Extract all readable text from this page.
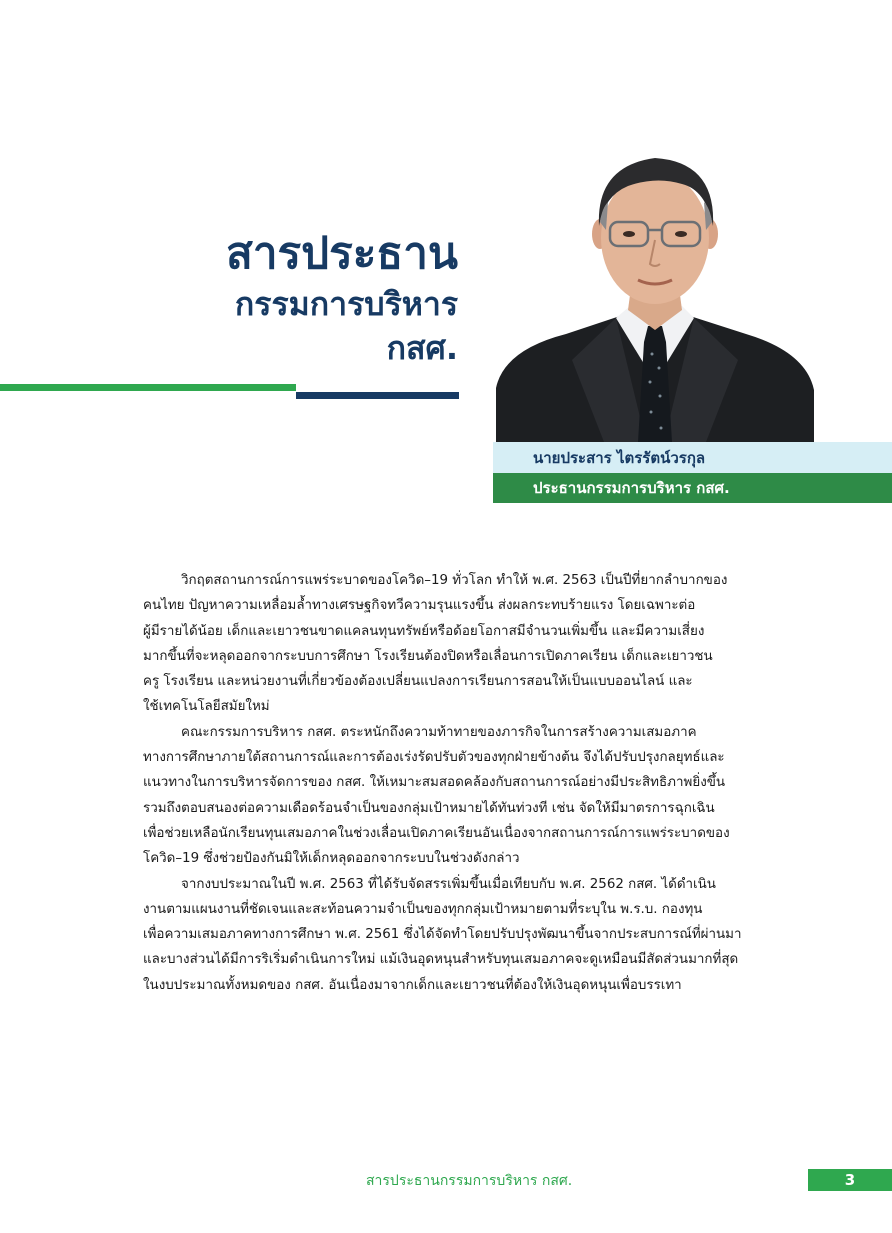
สารประธาน
กรรมการบริหาร
กสศ.
นายประสาร ไตรรัตน์วรกุล
ประธานกรรมการบริหาร กสศ.
วิกฤตสถานการณ์การแพร่ระบาดของโควิด–19 ทั่วโลก ทำให้ พ.ศ. 2563 เป็นปีที่ยากลำบากของ
คนไทย ปัญหาความเหลื่อมล้ำทางเศรษฐกิจทวีความรุนแรงขึ้น ส่งผลกระทบร้ายแรง โดยเฉพาะต่อ
ผู้มีรายได้น้อย เด็กและเยาวชนขาดแคลนทุนทรัพย์หรือด้อยโอกาสมีจำนวนเพิ่มขึ้น และมีความเสี่ยง
มากขึ้นที่จะหลุดออกจากระบบการศึกษา โรงเรียนต้องปิดหรือเลื่อนการเปิดภาคเรียน เด็กและเยาวชน
ครู โรงเรียน และหน่วยงานที่เกี่ยวข้องต้องเปลี่ยนแปลงการเรียนการสอนให้เป็นแบบออนไลน์ และ
ใช้เทคโนโลยีสมัยใหม่
คณะกรรมการบริหาร กสศ. ตระหนักถึงความท้าทายของภารกิจในการสร้างความเสมอภาค
ทางการศึกษาภายใต้สถานการณ์และการต้องเร่งรัดปรับตัวของทุกฝ่ายข้างต้น จึงได้ปรับปรุงกลยุทธ์และ
แนวทางในการบริหารจัดการของ กสศ. ให้เหมาะสมสอดคล้องกับสถานการณ์อย่างมีประสิทธิภาพยิ่งขึ้น
รวมถึงตอบสนองต่อความเดือดร้อนจำเป็นของกลุ่มเป้าหมายได้ทันท่วงที เช่น จัดให้มีมาตรการฉุกเฉิน
เพื่อช่วยเหลือนักเรียนทุนเสมอภาคในช่วงเลื่อนเปิดภาคเรียนอันเนื่องจากสถานการณ์การแพร่ระบาดของ
โควิด–19 ซึ่งช่วยป้องกันมิให้เด็กหลุดออกจากระบบในช่วงดังกล่าว
จากงบประมาณในปี พ.ศ. 2563 ที่ได้รับจัดสรรเพิ่มขึ้นเมื่อเทียบกับ พ.ศ. 2562 กสศ. ได้ดำเนิน
งานตามแผนงานที่ชัดเจนและสะท้อนความจำเป็นของทุกกลุ่มเป้าหมายตามที่ระบุใน พ.ร.บ. กองทุน
เพื่อความเสมอภาคทางการศึกษา พ.ศ. 2561 ซึ่งได้จัดทำโดยปรับปรุงพัฒนาขึ้นจากประสบการณ์ที่ผ่านมา
และบางส่วนได้มีการริเริ่มดำเนินการใหม่ แม้เงินอุดหนุนสำหรับทุนเสมอภาคจะดูเหมือนมีสัดส่วนมากที่สุด
ในงบประมาณทั้งหมดของ กสศ. อันเนื่องมาจากเด็กและเยาวชนที่ต้องให้เงินอุดหนุนเพื่อบรรเทา
สารประธานกรรมการบริหาร กสศ.	3
